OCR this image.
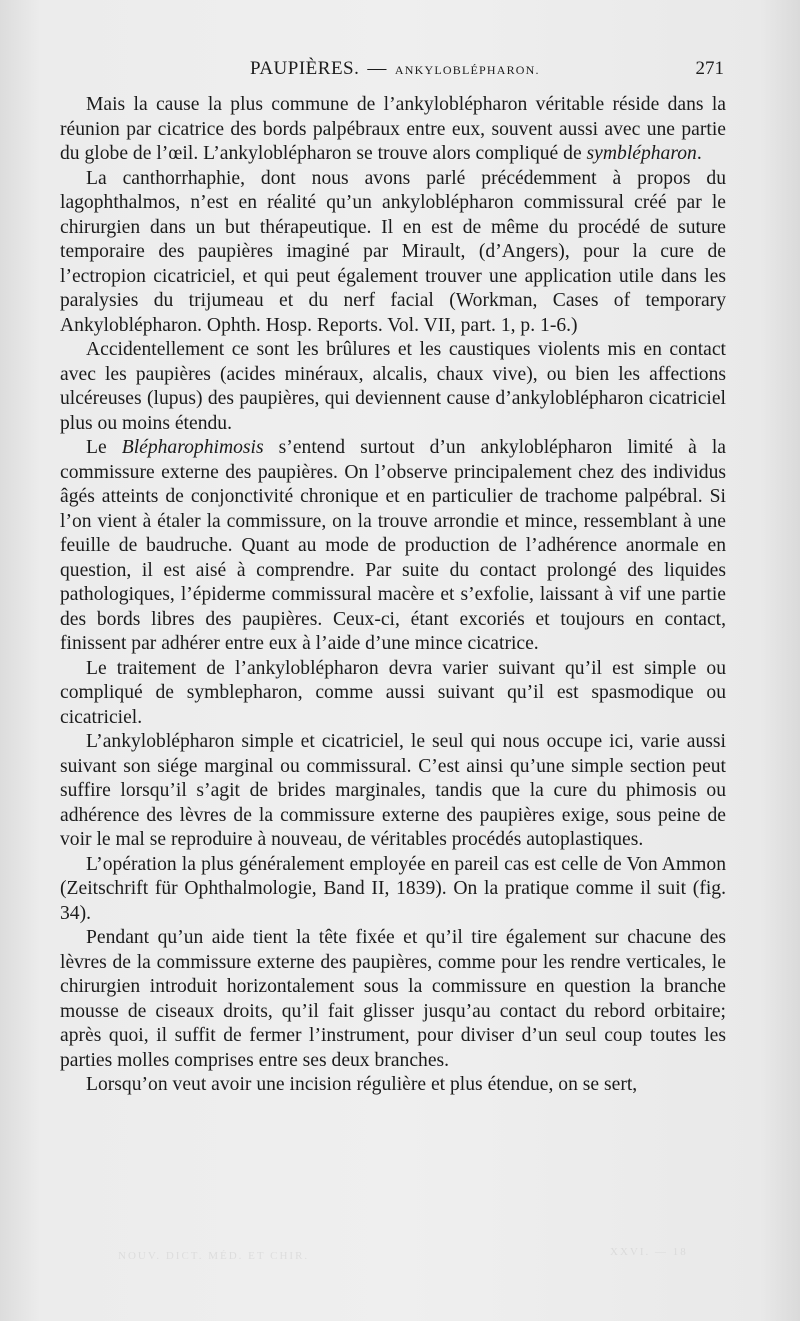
PAUPIÈRES. — ANKYLOBLÉPHARON.	271

Mais la cause la plus commune de l’ankyloblépharon véritable réside dans la réunion par cicatrice des bords palpébraux entre eux, souvent aussi avec une partie du globe de l’œil. L’ankyloblépharon se trouve alors compliqué de symblépharon.

La canthorrhaphie, dont nous avons parlé précédemment à propos du lagophthalmos, n’est en réalité qu’un ankyloblépharon commissural créé par le chirurgien dans un but thérapeutique. Il en est de même du procédé de suture temporaire des paupières imaginé par Mirault, (d’Angers), pour la cure de l’ectropion cicatriciel, et qui peut également trouver une application utile dans les paralysies du trijumeau et du nerf facial (Workman, Cases of temporary Ankyloblépharon. Ophth. Hosp. Reports. Vol. VII, part. 1, p. 1-6.)

Accidentellement ce sont les brûlures et les caustiques violents mis en contact avec les paupières (acides minéraux, alcalis, chaux vive), ou bien les affections ulcéreuses (lupus) des paupières, qui deviennent cause d’ankyloblépharon cicatriciel plus ou moins étendu.

Le Blépharophimosis s’entend surtout d’un ankyloblépharon limité à la commissure externe des paupières. On l’observe principalement chez des individus âgés atteints de conjonctivité chronique et en particulier de trachome palpébral. Si l’on vient à étaler la commissure, on la trouve arrondie et mince, ressemblant à une feuille de baudruche. Quant au mode de production de l’adhérence anormale en question, il est aisé à comprendre. Par suite du contact prolongé des liquides pathologiques, l’épiderme commissural macère et s’exfolie, laissant à vif une partie des bords libres des paupières. Ceux-ci, étant excoriés et toujours en contact, finissent par adhérer entre eux à l’aide d’une mince cicatrice.

Le traitement de l’ankyloblépharon devra varier suivant qu’il est simple ou compliqué de symblepharon, comme aussi suivant qu’il est spasmodique ou cicatriciel.

L’ankyloblépharon simple et cicatriciel, le seul qui nous occupe ici, varie aussi suivant son siége marginal ou commissural. C’est ainsi qu’une simple section peut suffire lorsqu’il s’agit de brides marginales, tandis que la cure du phimosis ou adhérence des lèvres de la commissure externe des paupières exige, sous peine de voir le mal se reproduire à nouveau, de véritables procédés autoplastiques.

L’opération la plus généralement employée en pareil cas est celle de Von Ammon (Zeitschrift für Ophthalmologie, Band II, 1839). On la pratique comme il suit (fig. 34).

Pendant qu’un aide tient la tête fixée et qu’il tire également sur chacune des lèvres de la commissure externe des paupières, comme pour les rendre verticales, le chirurgien introduit horizontalement sous la commissure en question la branche mousse de ciseaux droits, qu’il fait glisser jusqu’au contact du rebord orbitaire; après quoi, il suffit de fermer l’instrument, pour diviser d’un seul coup toutes les parties molles comprises entre ses deux branches.

Lorsqu’on veut avoir une incision régulière et plus étendue, on se sert,

NOUV. DICT. MÉD. ET CHIR.	XXVI. — 18
